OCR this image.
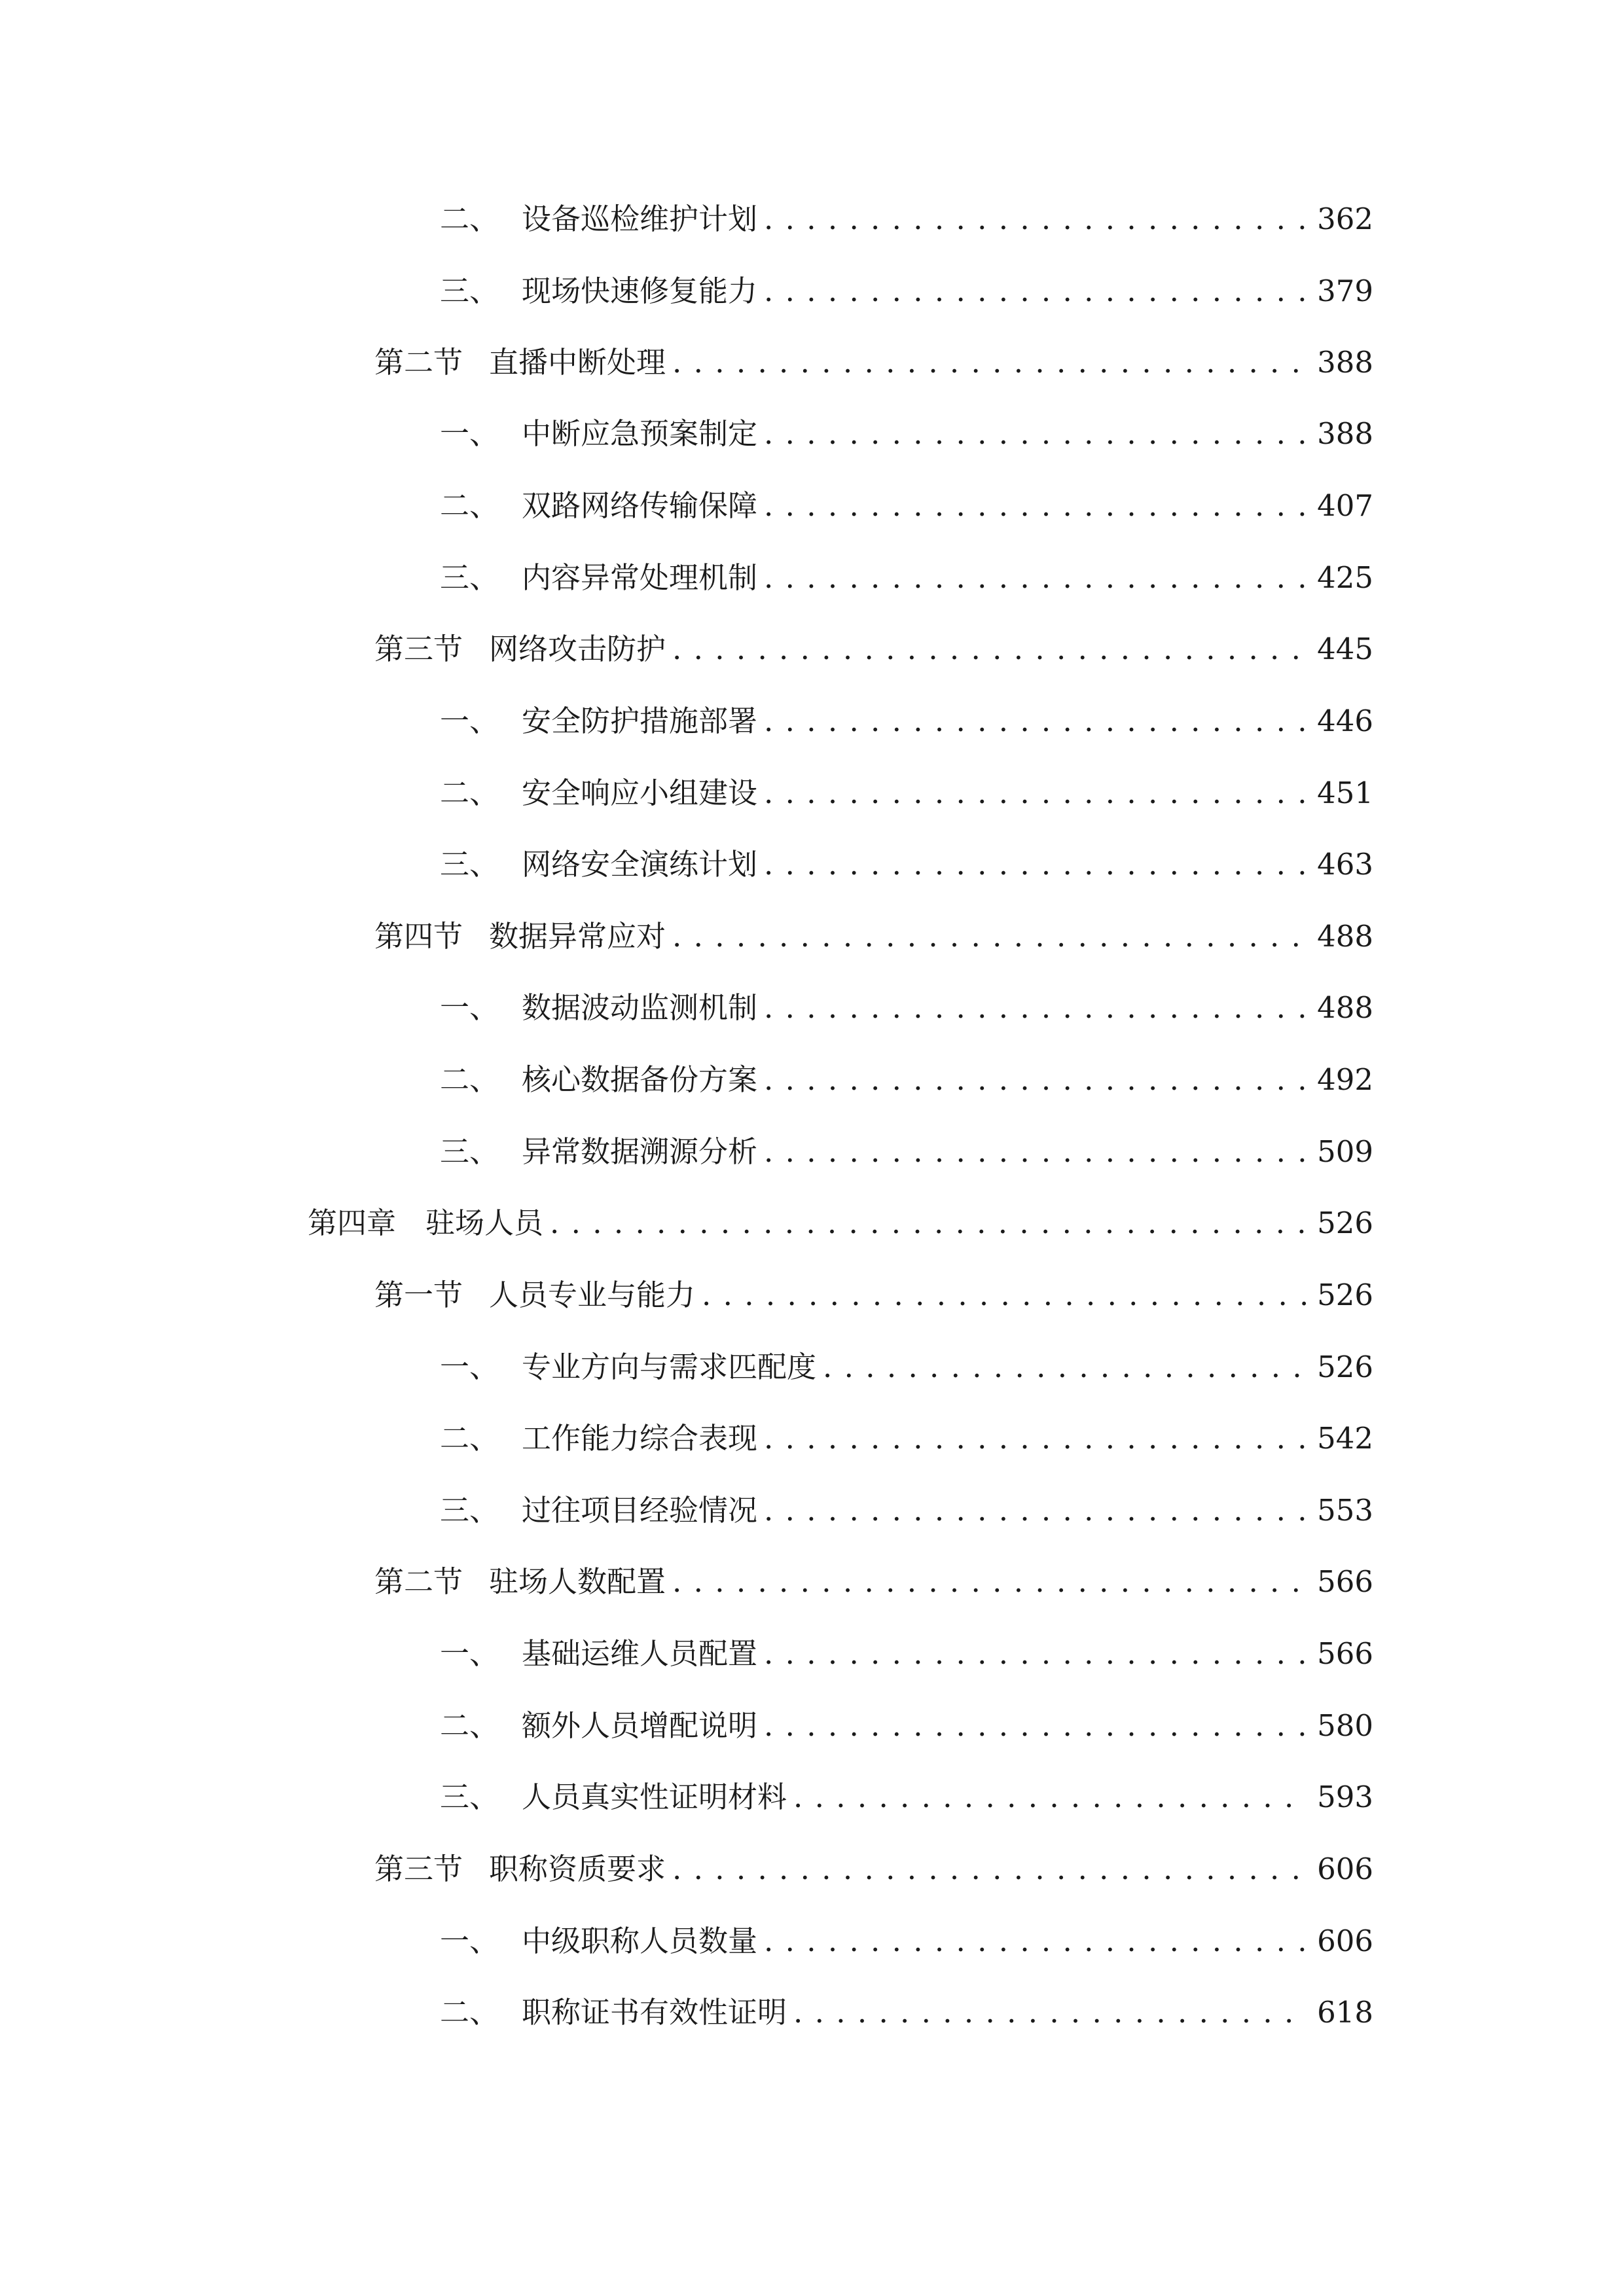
二、 设备巡检维护计划 . . .	362
三、 现场快速修复能力 . . .	379
第二节 直播中断处理 . . .	388
一、 中断应急预案制定 . . .	388
二、 双路网络传输保障 . . .	407
三、 内容异常处理机制 . . .	425
第三节 网络攻击防护 . . .	445
一、 安全防护措施部署 . . .	446
二、 安全响应小组建设 . . .	451
三、 网络安全演练计划 . . .	463
第四节 数据异常应对 . . .	488
一、 数据波动监测机制 . . .	488
二、 核心数据备份方案 . . .	492
三、 异常数据溯源分析 . . .	509
第四章 驻场人员 . . .	526
第一节 人员专业与能力 . . .	526
一、 专业方向与需求匹配度 . . .	526
二、 工作能力综合表现 . . .	542
三、 过往项目经验情况 . . .	553
第二节 驻场人数配置 . . .	566
一、 基础运维人员配置 . . .	566
二、 额外人员增配说明 . . .	580
三、 人员真实性证明材料 . . .	593
第三节 职称资质要求 . . .	606
一、 中级职称人员数量 . . .	606
二、 职称证书有效性证明 . . .	618
